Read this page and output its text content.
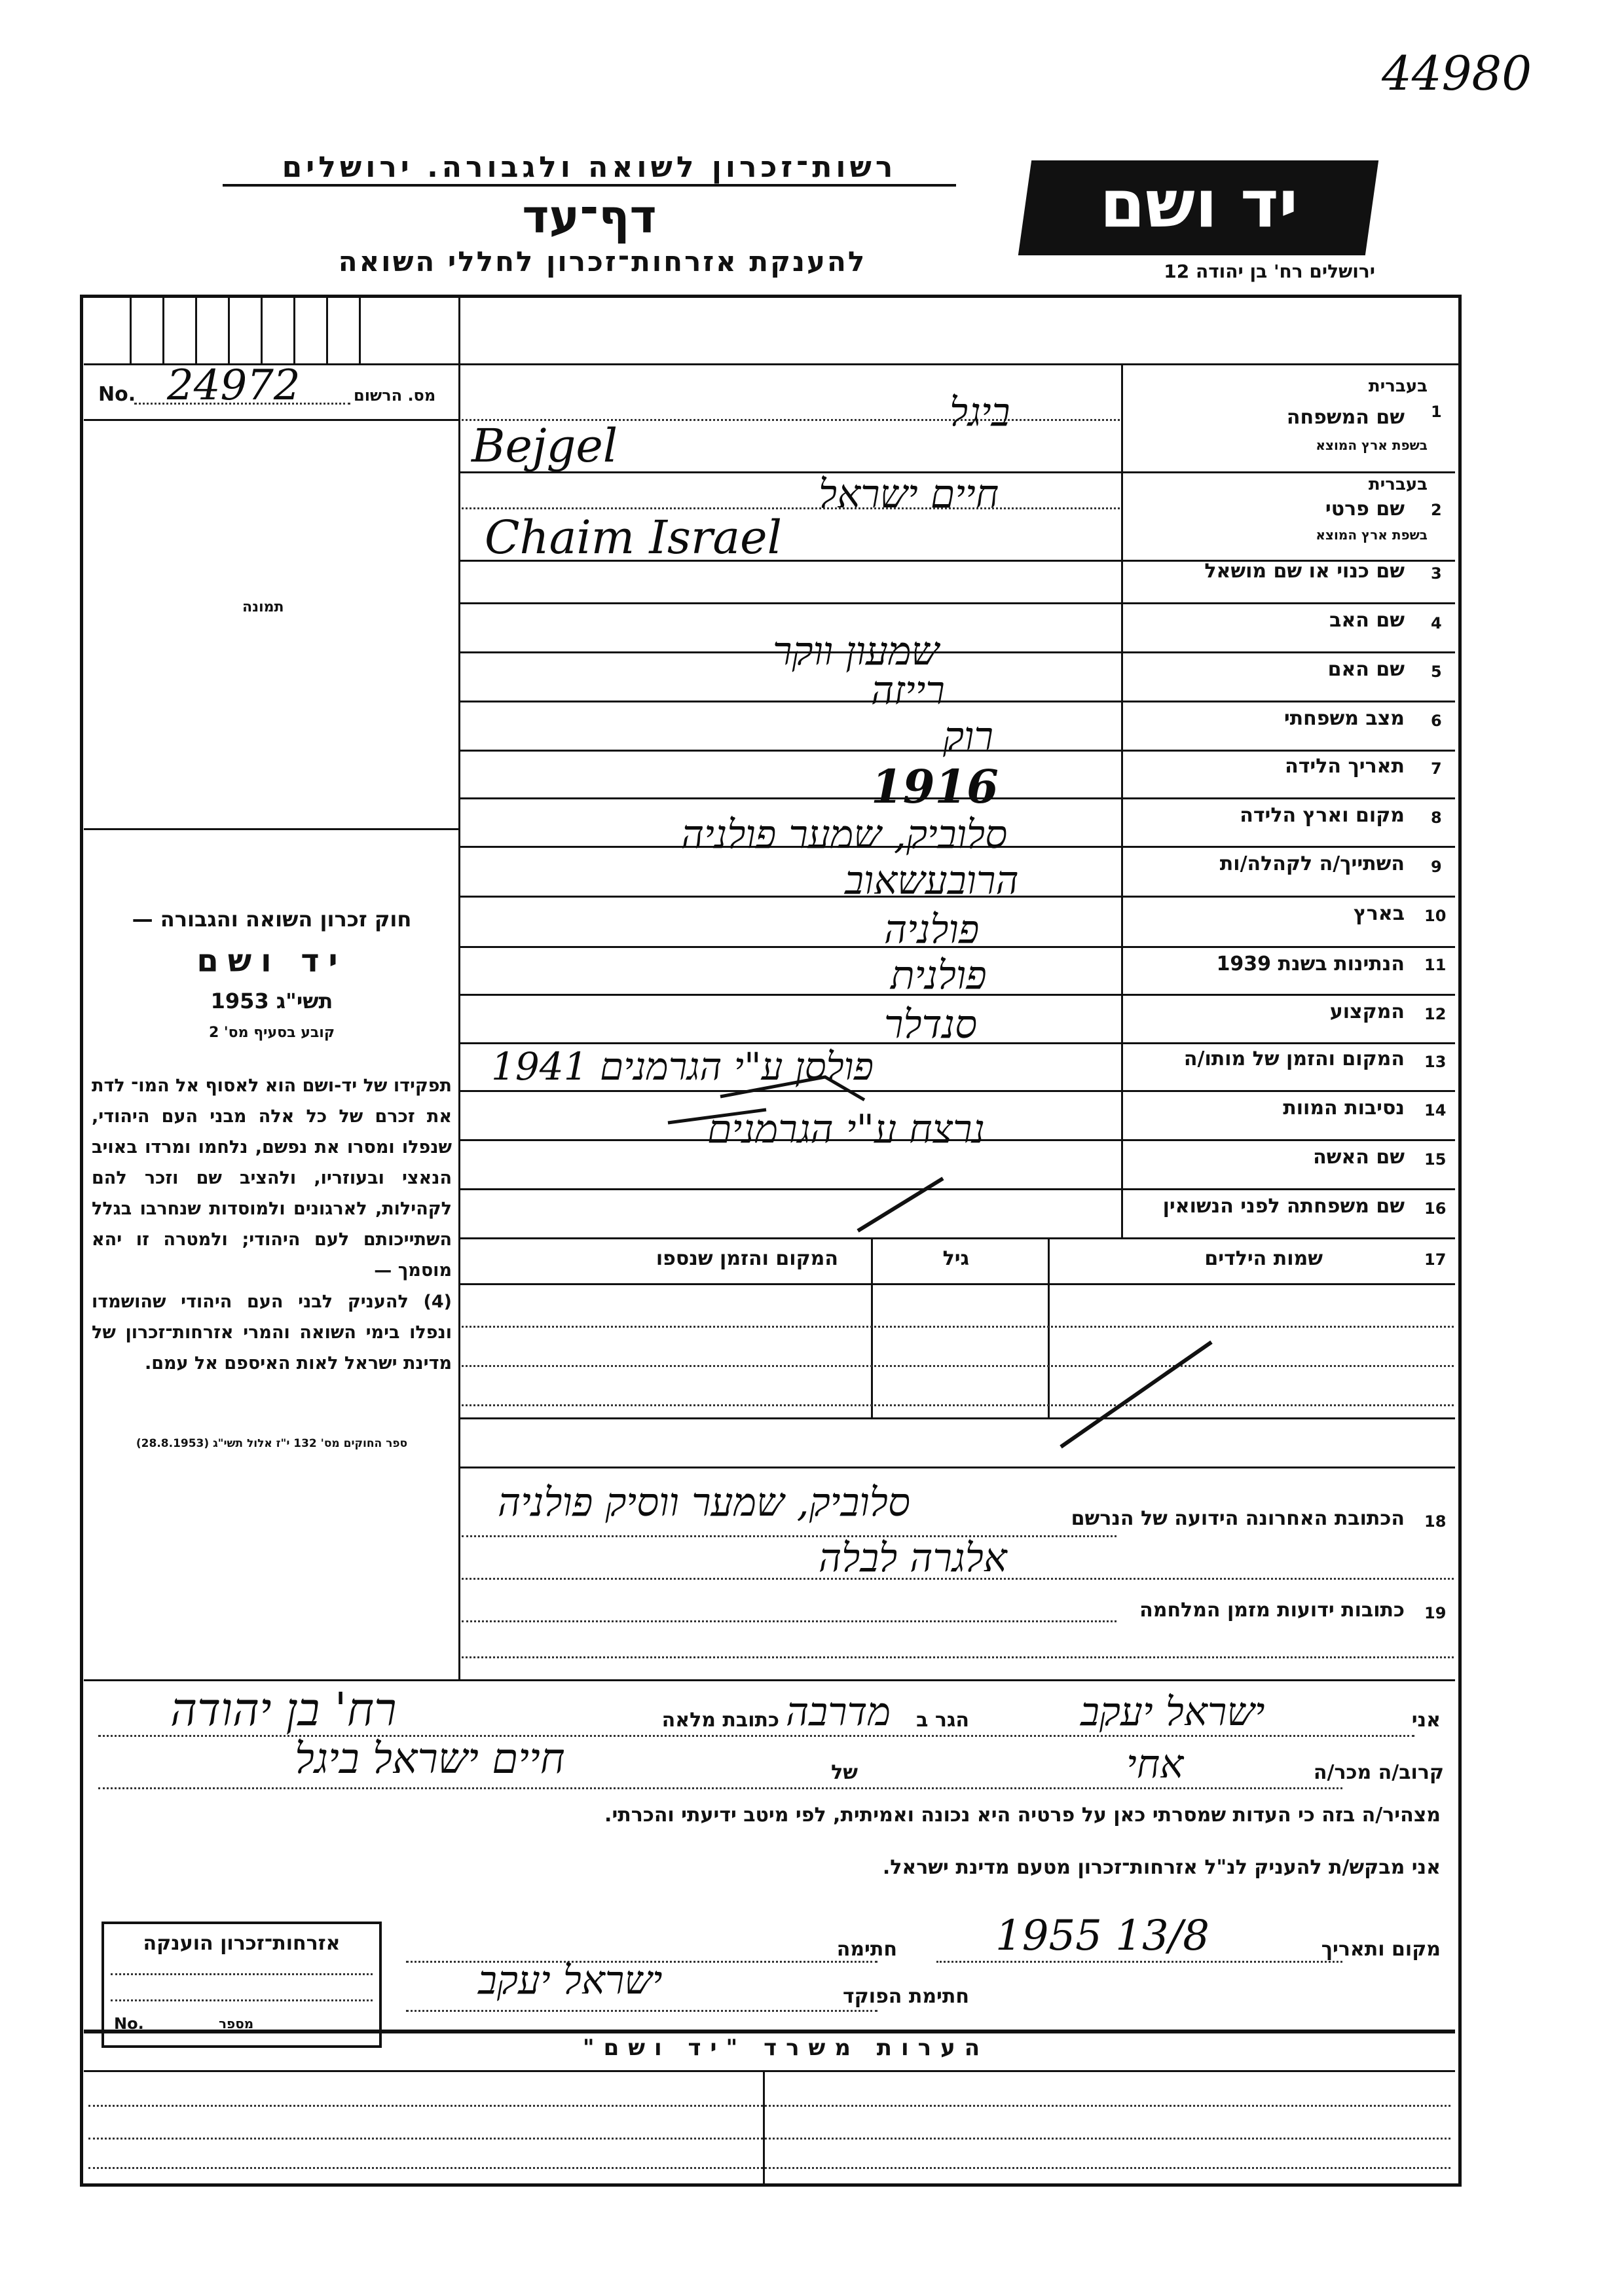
44980
יד ושם
ירושלים רח' בן יהודה 12
רשות־זכרון לשואה ולגבורה. ירושלים
דף־עד
להענקת אזרחות־זכרון לחללי השואה
No. 24972	מס. הרשום
תמונה
חוק זכרון השואה והגבורה —
יד ושם
תשי"ג 1953
קובע בסעיף מס' 2
תפקידו של יד-ושם הוא לאסוף אל המו־ לדת את זכרם של כל אלה מבני העם היהודי, שנפלו ומסרו את נפשם, נלחמו ומרדו באויב הנאצי ובעוזריו, ולהציב שם וזכר להם לקהילות, לארגונים ולמוסדות שנחרבו בגלל השתייכותם לעם היהודי; ולמטרה זו יהא מוסמך —
(4) להעניק לבני העם היהודי שהושמדו ונפלו בימי השואה והמרי אזרחות־זכרון של מדינת ישראל לאות האיספם אל עמם.
ספר החוקים מס' 132 י"ז אלול תשי"ג (28.8.1953)
1
בעברית
שם המשפחה
בשפת ארץ המוצא
2
בעברית
שם פרטי
בשפת ארץ המוצא
3
שם כנוי או שם מושאל
4
שם האב
5
שם האם
6
מצב משפחתי
7
תאריך הלידה
8
מקום וארץ הלידה
9
השתייך/ה לקהלה/ות
10
בארץ
11
הנתינות בשנת 1939
12
המקצוע
13
המקום והזמן של מותו/ה
14
נסיבות המוות
15
שם האשה
16
שם משפחתה לפני הנשואין
ביגל
Bejgel
חיים ישראל
Chaim Israel
שמעון ווקר
רייזה
רוק
1916
סלוביק, שמער פולניה
הרובעשאוב
פולניה
פולנית
סנדלר
פולסן ע"י הגרמנים 1941
נרצח ע"י הגרמנים
17
שמות הילדים
גיל
המקום והזמן שנספו
18
הכתובת האחרונה הידועה של הנרשם
סלוביק, שמער ווסיק פולניה
אלגרה לבלה
19
כתובות ידועות מזמן המלחמה
אני
ישראל יעקב
הגר ב
מדרבה
כתובת מלאה
רח' בן יהודה
קרוב/ה מכר/ה
אחי
של
חיים ישראל ביגל
מצהיר/ה בזה כי העדות שמסרתי כאן על פרטיה היא נכונה ואמיתית, לפי מיטב ידיעתי והכרתי.
אני מבקש/ת להעניק לנ"ל אזרחות־זכרון מטעם מדינת ישראל.
מקום ותאריך
13/8 1955
חתימה
חתימת הפוקד
ישראל יעקב
אזרחות־זכרון הוענקה
No.	מספר
הערות משרד "יד ושם"
